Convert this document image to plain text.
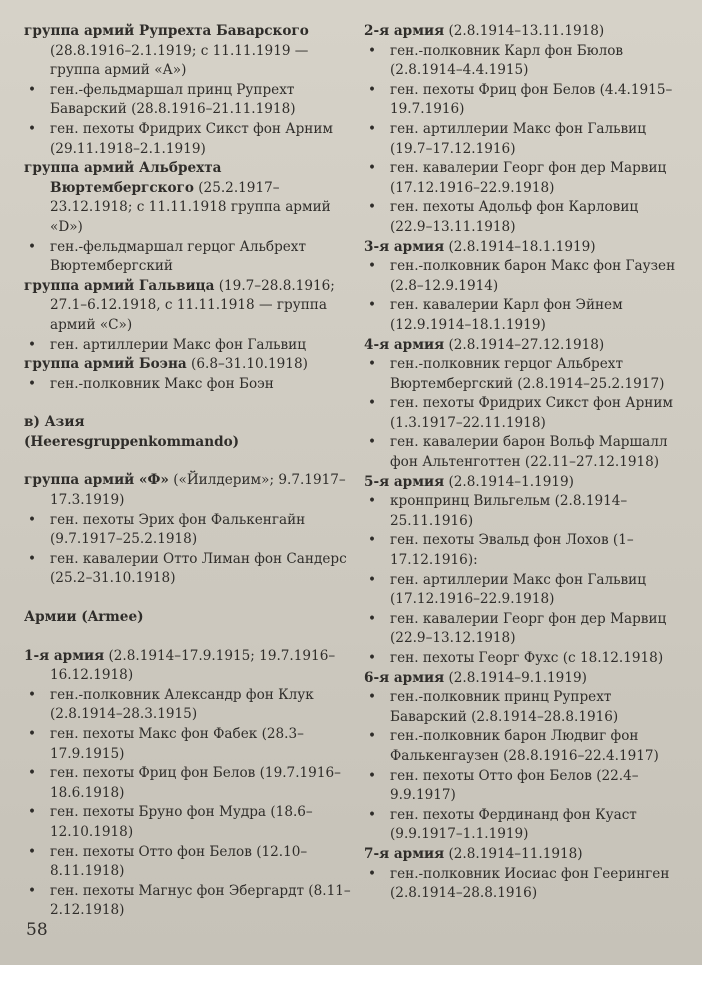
группа армий Рупрехта Баварского (28.8.1916–2.1.1919; с 11.11.1919 — группа армий «А»)

• ген.-фельдмаршал принц Рупрехт Баварский (28.8.1916–21.11.1918)
• ген. пехоты Фридрих Сикст фон Арним (29.11.1918–2.1.1919)

группа армий Альбрехта Вюртембергского (25.2.1917–23.12.1918; с 11.11.1918 группа армий «D»)

• ген.-фельдмаршал герцог Альбрехт Вюртембергский

группа армий Гальвица (19.7–28.8.1916; 27.1–6.12.1918, с 11.11.1918 — группа армий «С»)

• ген. артиллерии Макс фон Гальвиц

группа армий Боэна (6.8–31.10.1918)

• ген.-полковник Макс фон Боэн

в) Азия

(Heeresgruppenkommando)

группа армий «Ф» («Йилдерим»; 9.7.1917–17.3.1919)

• ген. пехоты Эрих фон Фалькенгайн (9.7.1917–25.2.1918)
• ген. кавалерии Отто Лиман фон Сандерс (25.2–31.10.1918)

Армии (Armee)

1-я армия (2.8.1914–17.9.1915; 19.7.1916–16.12.1918)

• ген.-полковник Александр фон Клук (2.8.1914–28.3.1915)
• ген. пехоты Макс фон Фабек (28.3–17.9.1915)
• ген. пехоты Фриц фон Белов (19.7.1916–18.6.1918)
• ген. пехоты Бруно фон Мудра (18.6–12.10.1918)
• ген. пехоты Отто фон Белов (12.10–8.11.1918)
• ген. пехоты Магнус фон Эбергардт (8.11–2.12.1918)

2-я армия (2.8.1914–13.11.1918)

• ген.-полковник Карл фон Бюлов (2.8.1914–4.4.1915)
• ген. пехоты Фриц фон Белов (4.4.1915–19.7.1916)
• ген. артиллерии Макс фон Гальвиц (19.7–17.12.1916)
• ген. кавалерии Георг фон дер Марвиц (17.12.1916–22.9.1918)
• ген. пехоты Адольф фон Карловиц (22.9–13.11.1918)

3-я армия (2.8.1914–18.1.1919)

• ген.-полковник барон Макс фон Гаузен (2.8–12.9.1914)
• ген. кавалерии Карл фон Эйнем (12.9.1914–18.1.1919)

4-я армия (2.8.1914–27.12.1918)

• ген.-полковник герцог Альбрехт Вюртембергский (2.8.1914–25.2.1917)
• ген. пехоты Фридрих Сикст фон Арним (1.3.1917–22.11.1918)
• ген. кавалерии барон Вольф Маршалл фон Альтенготтен (22.11–27.12.1918)

5-я армия (2.8.1914–1.1919)

• кронпринц Вильгельм (2.8.1914–25.11.1916)
• ген. пехоты Эвальд фон Лохов (1–17.12.1916):
• ген. артиллерии Макс фон Гальвиц (17.12.1916–22.9.1918)
• ген. кавалерии Георг фон дер Марвиц (22.9–13.12.1918)
• ген. пехоты Георг Фухс (с 18.12.1918)

6-я армия (2.8.1914–9.1.1919)

• ген.-полковник принц Рупрехт Баварский (2.8.1914–28.8.1916)
• ген.-полковник барон Людвиг фон Фалькенгаузен (28.8.1916–22.4.1917)
• ген. пехоты Отто фон Белов (22.4–9.9.1917)
• ген. пехоты Фердинанд фон Куаст (9.9.1917–1.1.1919)

7-я армия (2.8.1914–11.1918)

• ген.-полковник Иосиас фон Гееринген (2.8.1914–28.8.1916)
58
